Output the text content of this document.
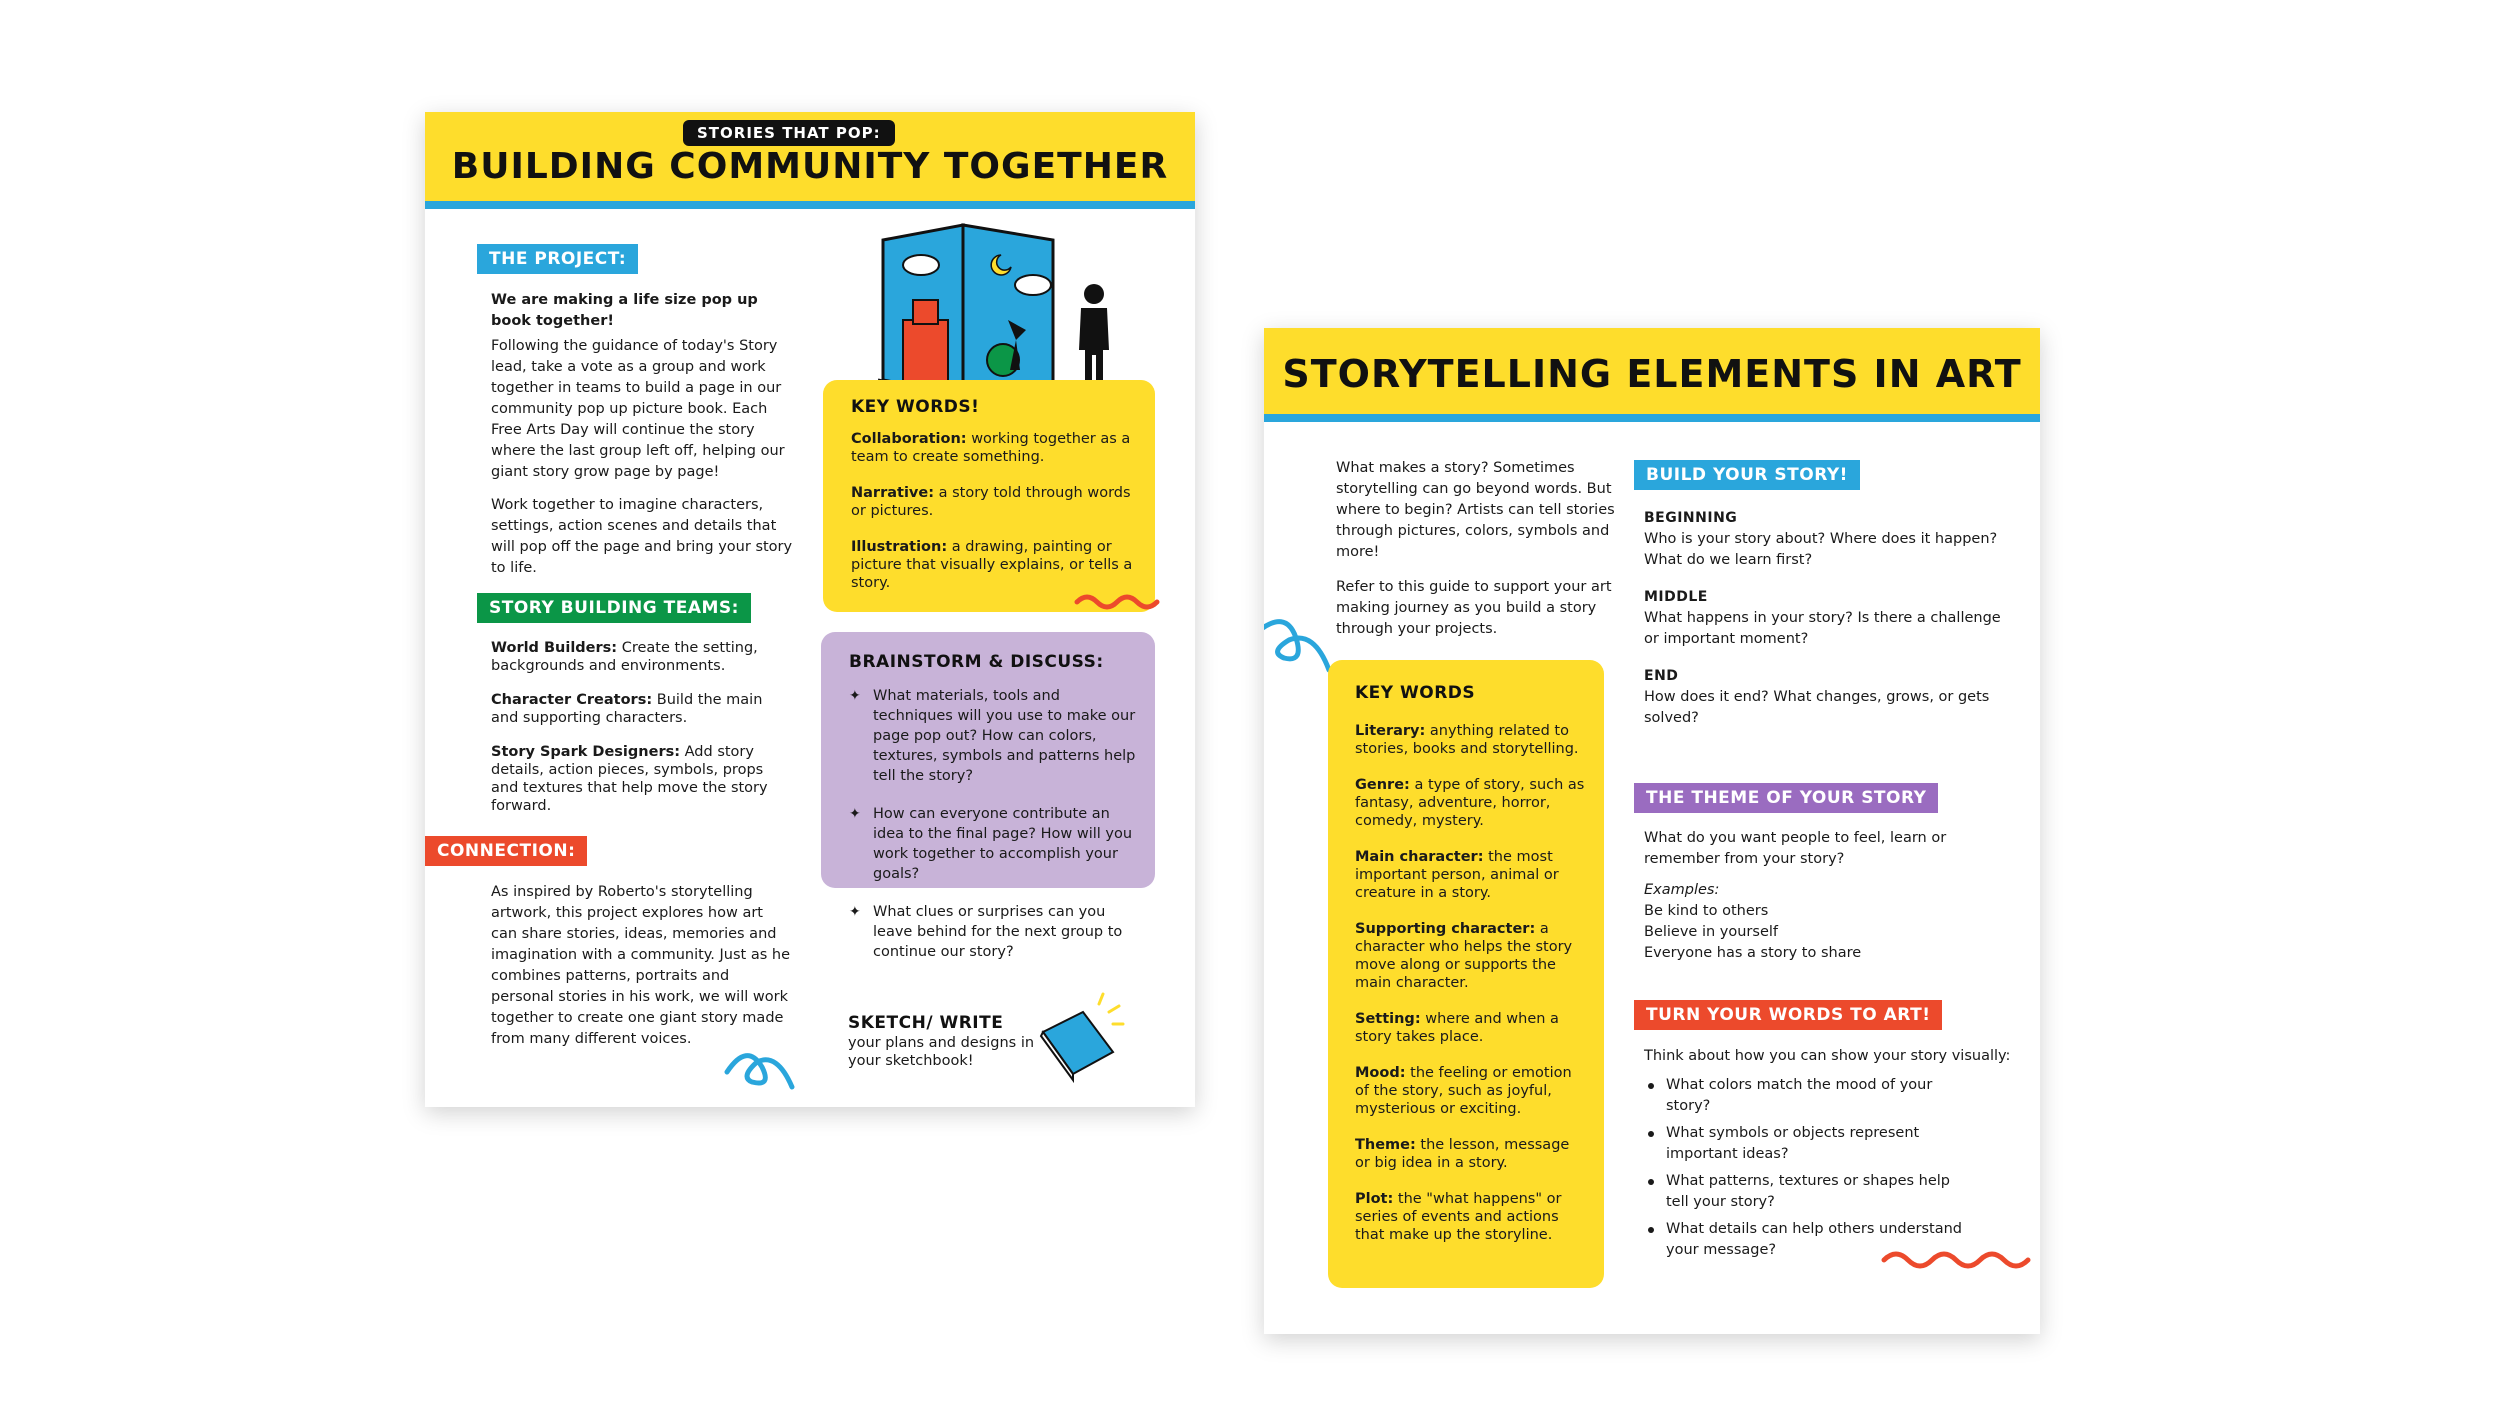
STORIES THAT POP:
BUILDING COMMUNITY TOGETHER
THE PROJECT:

We are making a life size pop up book together!

Following the guidance of today's Story lead, take a vote as a group and work together in teams to build a page in our community pop up picture book. Each Free Arts Day will continue the story where the last group left off, helping our giant story grow page by page!

Work together to imagine characters, settings, action scenes and details that will pop off the page and bring your story to life.

STORY BUILDING TEAMS:

World Builders: Create the setting, backgrounds and environments.

Character Creators: Build the main and supporting characters.

Story Spark Designers: Add story details, action pieces, symbols, props and textures that help move the story forward.

CONNECTION:
As inspired by Roberto's storytelling artwork, this project explores how art can share stories, ideas, memories and imagination with a community. Just as he combines patterns, portraits and personal stories in his work, we will work together to create one giant story made from many different voices.
KEY WORDS!

Collaboration: working together as a team to create something.

Narrative: a story told through words or pictures.

Illustration: a drawing, painting or picture that visually explains, or tells a story.

BRAINSTORM & DISCUSS:
✦ What materials, tools and techniques will you use to make our page pop out? How can colors, textures, symbols and patterns help tell the story?
✦ How can everyone contribute an idea to the final page? How will you work together to accomplish your goals?
✦ What clues or surprises can you leave behind for the next group to continue our story?
SKETCH/ WRITE
your plans and designs in your sketchbook!
STORYTELLING ELEMENTS IN ART

What makes a story? Sometimes storytelling can go beyond words. But where to begin? Artists can tell stories through pictures, colors, symbols and more!

Refer to this guide to support your art making journey as you build a story through your projects.

KEY WORDS

Literary: anything related to stories, books and storytelling.

Genre: a type of story, such as fantasy, adventure, horror, comedy, mystery.

Main character: the most important person, animal or creature in a story.

Supporting character: a character who helps the story move along or supports the main character.

Setting: where and when a story takes place.

Mood: the feeling or emotion of the story, such as joyful, mysterious or exciting.

Theme: the lesson, message or big idea in a story.

Plot: the "what happens" or series of events and actions that make up the storyline.

BUILD YOUR STORY!
BEGINNING

Who is your story about? Where does it happen? What do we learn first?

MIDDLE

What happens in your story? Is there a challenge or important moment?

END

How does it end? What changes, grows, or gets solved?

THE THEME OF YOUR STORY

What do you want people to feel, learn or remember from your story?

Examples:
Be kind to others
Believe in yourself
Everyone has a story to share
TURN YOUR WORDS TO ART!

Think about how you can show your story visually:

What colors match the mood of your story?
What symbols or objects represent important ideas?
What patterns, textures or shapes help tell your story?
What details can help others understand your message?
